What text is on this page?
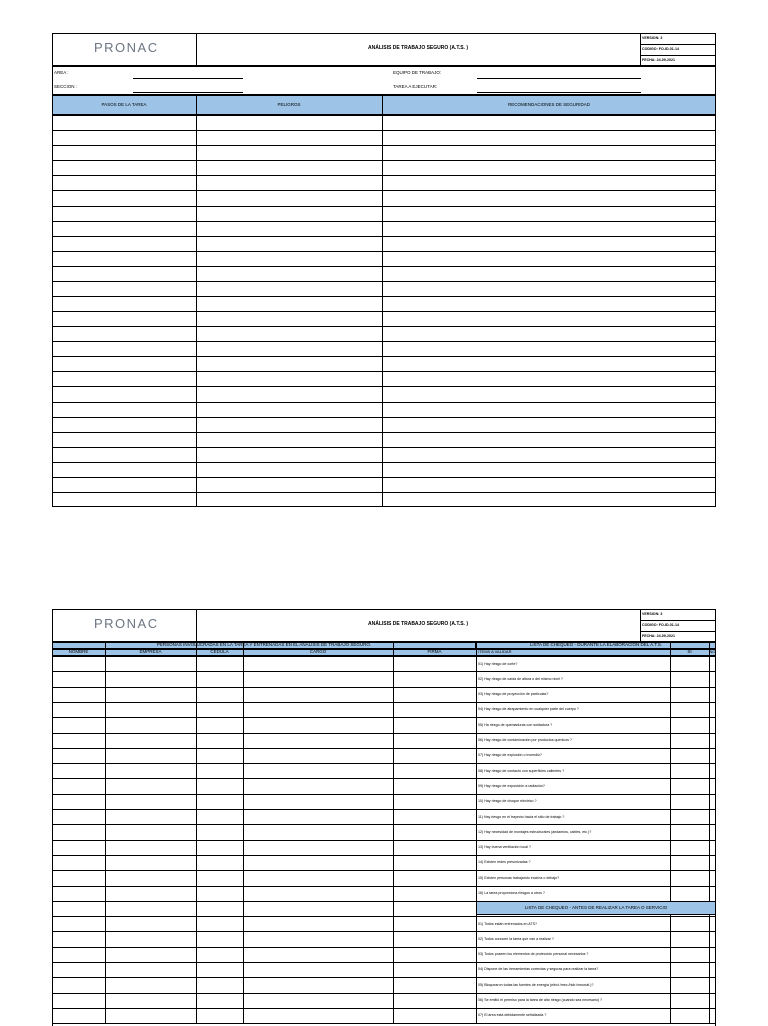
PRONAC	ANÁLISIS DE TRABAJO SEGURO (A.T.S. )
VERSION: 3
CODIGO: FO-ID-01-14
FECHA: 24-09-2021
AREA :
SECCION :
EQUIPO DE TRABAJO:
TAREA A EJECUTAR:
PASOS DE LA TAREA	PELIGROS	RECOMENDACIONES DE SEGURIDAD
PRONAC	ANÁLISIS DE TRABAJO SEGURO (A.T.S. )
VERSION: 3
CODIGO: FO-ID-01-14
FECHA: 24-09-2021
PERSONAS INVOLUCRADAS EN LA TAREA Y ENTRENADAS EN EL ANALISIS DE TRABAJO SEGURO.	LISTA DE CHEQUEO - DURANTE LA ELABORACION DEL A.T.S.
NOMBRE	EMPRESA	CEDULA	CARGO	FIRMA	ITEMS A VALIDAR	SI	NO
LISTA DE CHEQUEO - ANTES DE REALIZAR LA TAREA O SERVICIO
01) Hay riesgo de corte?
02) Hay riesgo de caída de altura o del mismo nivel ?
03) Hay riesgo de proyección de partículas?
04) Hay riesgo de atrapamiento en cualquier parte del cuerpo ?
05) Ha riesgo de quemaduras con soldadura ?
06) Hay riesgo de contaminación por productos químicos ?
07) Hay riesgo de explosión o incendio?
08) Hay riesgo de contacto con superficies calientes ?
09) Hay riesgo de exposición a radiación?
10) Hay riesgo de choque eléctrico ?
11) Hay riesgo en el trayecto hacia el sitio de trabajo ?
12) Hay necesidad de montajes estructurales (andamios, cables, etc.)?
13) Hay buena ventilación local ?
14) Existen redes presurizadas ?
15) Existen personas trabajando encima o debajo?
16) La tarea proporciona riesgos a otros ?
01) Todos están entrenados en ATS?
02) Todos conocen la tarea que van a realizar ?
03) Todos poseen los elementos de protección personal necesarios ?
04) Dispone de las herramientas correctas y seguras para realizar la tarea?
05) Bloquearon todas las fuentes de energía (eléct./mec./hidr./neumát.)?
06) Se emitió el permiso para la tarea de alto riesgo (cuando sea necesario) ?
07) El área está debidamente señalizada ?
